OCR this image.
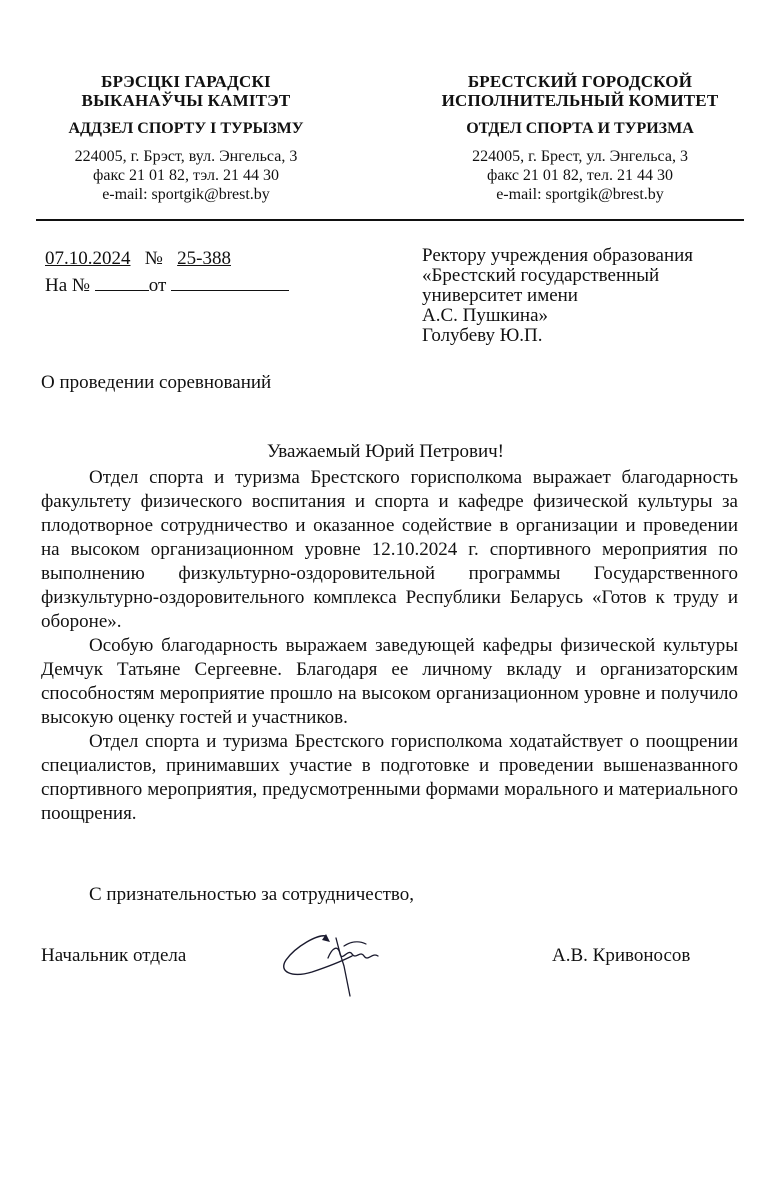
БРЭСЦКІ ГАРАДСКІ
ВЫКАНАЎЧЫ КАМІТЭТ
АДДЗЕЛ СПОРТУ І ТУРЫЗМУ
224005, г. Брэст, вул. Энгельса, 3
факс 21 01 82, тэл. 21 44 30
e-mail: sportgik@brest.by
БРЕСТСКИЙ ГОРОДСКОЙ
ИСПОЛНИТЕЛЬНЫЙ КОМИТЕТ
ОТДЕЛ СПОРТА И ТУРИЗМА
224005, г. Брест, ул. Энгельса, 3
факс 21 01 82, тел. 21 44 30
e-mail: sportgik@brest.by
07.10.2024 № 25-388
На №	от
Ректору учреждения образования
«Брестский государственный
университет имени
А.С. Пушкина»
Голубеву Ю.П.
О проведении соревнований
Уважаемый Юрий Петрович!

Отдел спорта и туризма Брестского горисполкома выражает благодарность факультету физического воспитания и спорта и кафедре физической культуры за плодотворное сотрудничество и оказанное содействие в организации и проведении на высоком организационном уровне 12.10.2024 г. спортивного мероприятия по выполнению физкультурно-оздоровительной программы Государственного физкультурно-оздоровительного комплекса Республики Беларусь «Готов к труду и обороне».

Особую благодарность выражаем заведующей кафедры физической культуры Демчук Татьяне Сергеевне. Благодаря ее личному вкладу и организаторским способностям мероприятие прошло на высоком организационном уровне и получило высокую оценку гостей и участников.

Отдел спорта и туризма Брестского горисполкома ходатайствует о поощрении специалистов, принимавших участие в подготовке и проведении вышеназванного спортивного мероприятия, предусмотренными формами морального и материального поощрения.

С признательностью за сотрудничество,
Начальник отдела	А.В. Кривоносов
